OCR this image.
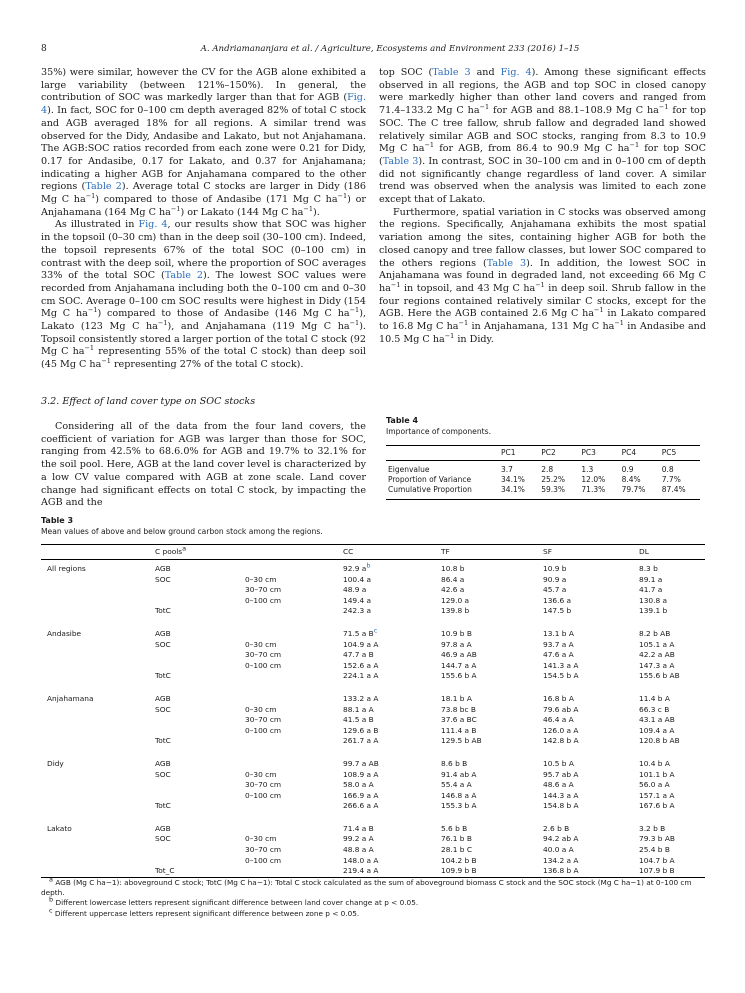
8	A. Andriamananjara et al. / Agriculture, Ecosystems and Environment 233 (2016) 1–15

35%) were similar, however the CV for the AGB alone exhibited a large variability (between 121%–150%). In general, the contribution of SOC was markedly larger than that for AGB (Fig. 4). In fact, SOC for 0–100 cm depth averaged 82% of total C stock and AGB averaged 18% for all regions. A similar trend was observed for the Didy, Andasibe and Lakato, but not Anjahamana. The AGB:SOC ratios recorded from each zone were 0.21 for Didy, 0.17 for Andasibe, 0.17 for Lakato, and 0.37 for Anjahamana; indicating a higher AGB for Anjahamana compared to the other regions (Table 2). Average total C stocks are larger in Didy (186 Mg C $ha^{-1}$) compared to those of Andasibe (171 Mg C $ha^{-1}$) or Anjahamana (164 Mg C $ha^{-1}$) or Lakato (144 Mg C $ha^{-1}$).

As illustrated in Fig. 4, our results show that SOC was higher in the topsoil (0–30 cm) than in the deep soil (30–100 cm). Indeed, the topsoil represents 67% of the total SOC (0–100 cm) in contrast with the deep soil, where the proportion of SOC averages 33% of the total SOC (Table 2). The lowest SOC values were recorded from Anjahamana including both the 0–100 cm and 0–30 cm SOC. Average 0–100 cm SOC results were highest in Didy (154 Mg C $ha^{-1}$) compared to those of Andasibe (146 Mg C $ha^{-1}$), Lakato (123 Mg C $ha^{-1}$), and Anjahamana (119 Mg C $ha^{-1}$). Topsoil consistently stored a larger portion of the total C stock (92 Mg C $ha^{-1}$ representing 55% of the total C stock) than deep soil (45 Mg C $ha^{-1}$ representing 27% of the total C stock).

3.2. Effect of land cover type on SOC stocks

Considering all of the data from the four land covers, the coefficient of variation for AGB was larger than those for SOC, ranging from 42.5% to 68.6.0% for AGB and 19.7% to 32.1% for the soil pool. Here, AGB at the land cover level is characterized by a low CV value compared with AGB at zone scale. Land cover change had significant effects on total C stock, by impacting the AGB and the

top SOC (Table 3 and Fig. 4). Among these significant effects observed in all regions, the AGB and top SOC in closed canopy were markedly higher than other land covers and ranged from 71.4–133.2 Mg C $ha^{-1}$ for AGB and 88.1–108.9 Mg C $ha^{-1}$ for top SOC. The C tree fallow, shrub fallow and degraded land showed relatively similar AGB and SOC stocks, ranging from 8.3 to 10.9 Mg C $ha^{-1}$ for AGB, from 86.4 to 90.9 Mg C $ha^{-1}$ for top SOC (Table 3). In contrast, SOC in 30–100 cm and in 0–100 cm of depth did not significantly change regardless of land cover. A similar trend was observed when the analysis was limited to each zone except that of Lakato.

Furthermore, spatial variation in C stocks was observed among the regions. Specifically, Anjahamana exhibits the most spatial variation among the sites, containing higher AGB for both the closed canopy and tree fallow classes, but lower SOC compared to the others regions (Table 3). In addition, the lowest SOC in Anjahamana was found in degraded land, not exceeding 66 Mg C $ha^{-1}$ in topsoil, and 43 Mg C $ha^{-1}$ in deep soil. Shrub fallow in the four regions contained relatively similar C stocks, except for the AGB. Here the AGB contained 2.6 Mg C $ha^{-1}$ in Lakato compared to 16.8 Mg C $ha^{-1}$ in Anjahamana, 131 Mg C $ha^{-1}$ in Andasibe and 10.5 Mg C $ha^{-1}$ in Didy.

Table 4
Importance of components.
	PC1	PC2	PC3	PC4	PC5
Eigenvalue	3.7	2.8	1.3	0.9	0.8
Proportion of Variance	34.1%	25.2%	12.0%	8.4%	7.7%
Cumulative Proportion	34.1%	59.3%	71.3%	79.7%	87.4%
Table 3
Mean values of above and below ground carbon stock among the regions.
	C pools$^a$		CC	TF	SF	DL
All regions	AGB		92.9 $a^b$	10.8 b	10.9 b	8.3 b
	SOC	0–30 cm	100.4 a	86.4 a	90.9 a	89.1 a
		30–70 cm	48.9 a	42.6 a	45.7 a	41.7 a
		0–100 cm	149.4 a	129.0 a	136.6 a	130.8 a
	TotC		242.3 a	139.8 b	147.5 b	139.1 b

Andasibe	AGB		71.5 a $B^c$	10.9 b B	13.1 b A	8.2 b AB
	SOC	0–30 cm	104.9 a A	97.8 a A	93.7 a A	105.1 a A
		30–70 cm	47.7 a B	46.9 a AB	47.6 a A	42.2 a AB
		0–100 cm	152.6 a A	144.7 a A	141.3 a A	147.3 a A
	TotC		224.1 a A	155.6 b A	154.5 b A	155.6 b AB

Anjahamana	AGB		133.2 a A	18.1 b A	16.8 b A	11.4 b A
	SOC	0–30 cm	88.1 a A	73.8 bc B	79.6 ab A	66.3 c B
		30–70 cm	41.5 a B	37.6 a BC	46.4 a A	43.1 a AB
		0–100 cm	129.6 a B	111.4 a B	126.0 a A	109.4 a A
	TotC		261.7 a A	129.5 b AB	142.8 b A	120.8 b AB

Didy	AGB		99.7 a AB	8.6 b B	10.5 b A	10.4 b A
	SOC	0–30 cm	108.9 a A	91.4 ab A	95.7 ab A	101.1 b A
		30–70 cm	58.0 a A	55.4 a A	48.6 a A	56.0 a A
		0–100 cm	166.9 a A	146.8 a A	144.3 a A	157.1 a A
	TotC		266.6 a A	155.3 b A	154.8 b A	167.6 b A

Lakato	AGB		71.4 a B	5.6 b B	2.6 b B	3.2 b B
	SOC	0–30 cm	99.2 a A	76.1 b B	94.2 ab A	79.3 b AB
		30–70 cm	48.8 a A	28.1 b C	40.0 a A	25.4 b B
		0–100 cm	148.0 a A	104.2 b B	134.2 a A	104.7 b A
	Tot_C		219.4 a A	109.9 b B	136.8 b A	107.9 b B

$^a$ AGB (Mg C ha−1): aboveground C stock; TotC (Mg C ha−1): Total C stock calculated as the sum of aboveground biomass C stock and the SOC stock (Mg C ha−1) at 0–100 cm depth.

$^b$ Different lowercase letters represent significant difference between land cover change at p < 0.05.

$^c$ Different uppercase letters represent significant difference between zone p < 0.05.
